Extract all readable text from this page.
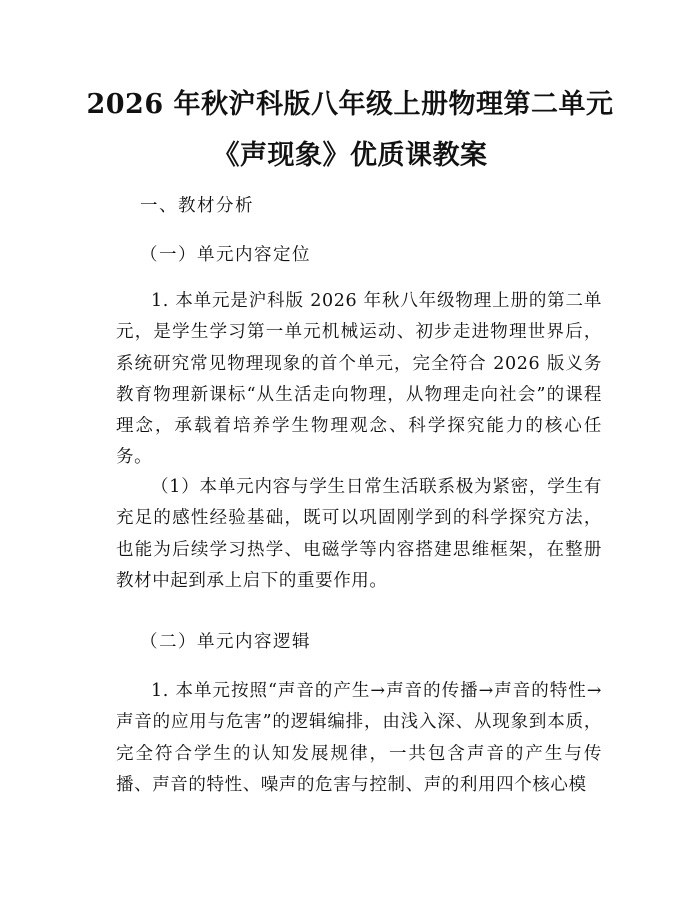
2026 年秋沪科版八年级上册物理第二单元
《声现象》优质课教案

一、教材分析

（一）单元内容定位

1. 本单元是沪科版 2026 年秋八年级物理上册的第二单元，是学生学习第一单元机械运动、初步走进物理世界后，系统研究常见物理现象的首个单元，完全符合 2026 版义务教育物理新课标“从生活走向物理，从物理走向社会”的课程理念，承载着培养学生物理观念、科学探究能力的核心任务。

（1）本单元内容与学生日常生活联系极为紧密，学生有充足的感性经验基础，既可以巩固刚学到的科学探究方法，也能为后续学习热学、电磁学等内容搭建思维框架，在整册教材中起到承上启下的重要作用。

（二）单元内容逻辑

1. 本单元按照“声音的产生→声音的传播→声音的特性→声音的应用与危害”的逻辑编排，由浅入深、从现象到本质，完全符合学生的认知发展规律，一共包含声音的产生与传播、声音的特性、噪声的危害与控制、声的利用四个核心模
